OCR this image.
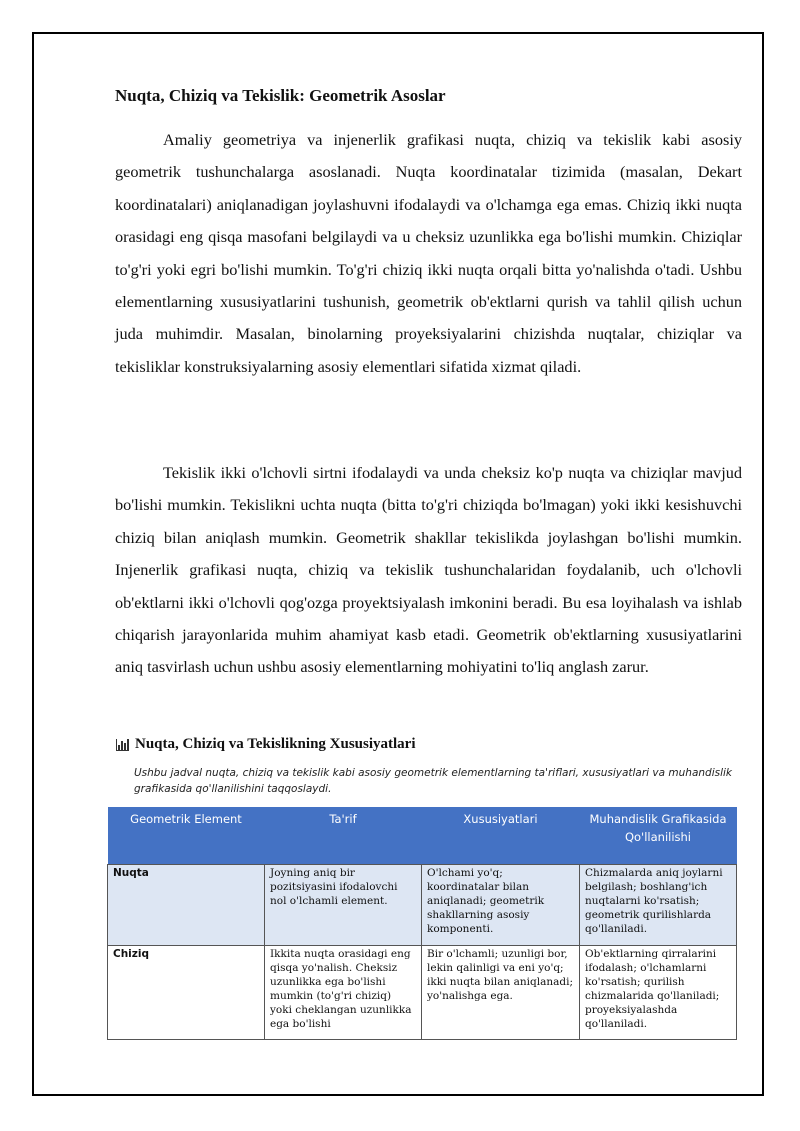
Nuqta, Chiziq va Tekislik: Geometrik Asoslar

Amaliy geometriya va injenerlik grafikasi nuqta, chiziq va tekislik kabi asosiy geometrik tushunchalarga asoslanadi. Nuqta koordinatalar tizimida (masalan, Dekart koordinatalari) aniqlanadigan joylashuvni ifodalaydi va o'lchamga ega emas. Chiziq ikki nuqta orasidagi eng qisqa masofani belgilaydi va u cheksiz uzunlikka ega bo'lishi mumkin. Chiziqlar to'g'ri yoki egri bo'lishi mumkin. To'g'ri chiziq ikki nuqta orqali bitta yo'nalishda o'tadi. Ushbu elementlarning xususiyatlarini tushunish, geometrik ob'ektlarni qurish va tahlil qilish uchun juda muhimdir. Masalan, binolarning proyeksiyalarini chizishda nuqtalar, chiziqlar va tekisliklar konstruksiyalarning asosiy elementlari sifatida xizmat qiladi.

Tekislik ikki o'lchovli sirtni ifodalaydi va unda cheksiz ko'p nuqta va chiziqlar mavjud bo'lishi mumkin. Tekislikni uchta nuqta (bitta to'g'ri chiziqda bo'lmagan) yoki ikki kesishuvchi chiziq bilan aniqlash mumkin. Geometrik shakllar tekislikda joylashgan bo'lishi mumkin. Injenerlik grafikasi nuqta, chiziq va tekislik tushunchalaridan foydalanib, uch o'lchovli ob'ektlarni ikki o'lchovli qog'ozga proyektsiyalash imkonini beradi. Bu esa loyihalash va ishlab chiqarish jarayonlarida muhim ahamiyat kasb etadi. Geometrik ob'ektlarning xususiyatlarini aniq tasvirlash uchun ushbu asosiy elementlarning mohiyatini to'liq anglash zarur.

Nuqta, Chiziq va Tekislikning Xususiyatlari
Ushbu jadval nuqta, chiziq va tekislik kabi asosiy geometrik elementlarning ta'riflari, xususiyatlari va muhandislik grafikasida qo'llanilishini taqqoslaydi.
Geometrik Element	Ta'rif	Xususiyatlari	Muhandislik Grafikasida Qo'llanilishi
Nuqta	Joyning aniq bir pozitsiyasini ifodalovchi nol o'lchamli element.	O'lchami yo'q; koordinatalar bilan aniqlanadi; geometrik shakllarning asosiy komponenti.	Chizmalarda aniq joylarni belgilash; boshlang'ich nuqtalarni ko'rsatish; geometrik qurilishlarda qo'llaniladi.
Chiziq	Ikkita nuqta orasidagi eng qisqa yo'nalish. Cheksiz uzunlikka ega bo'lishi mumkin (to'g'ri chiziq) yoki cheklangan uzunlikka ega bo'lishi	Bir o'lchamli; uzunligi bor, lekin qalinligi va eni yo'q; ikki nuqta bilan aniqlanadi; yo'nalishga ega.	Ob'ektlarning qirralarini ifodalash; o'lchamlarni ko'rsatish; qurilish chizmalarida qo'llaniladi; proyeksiyalashda qo'llaniladi.
